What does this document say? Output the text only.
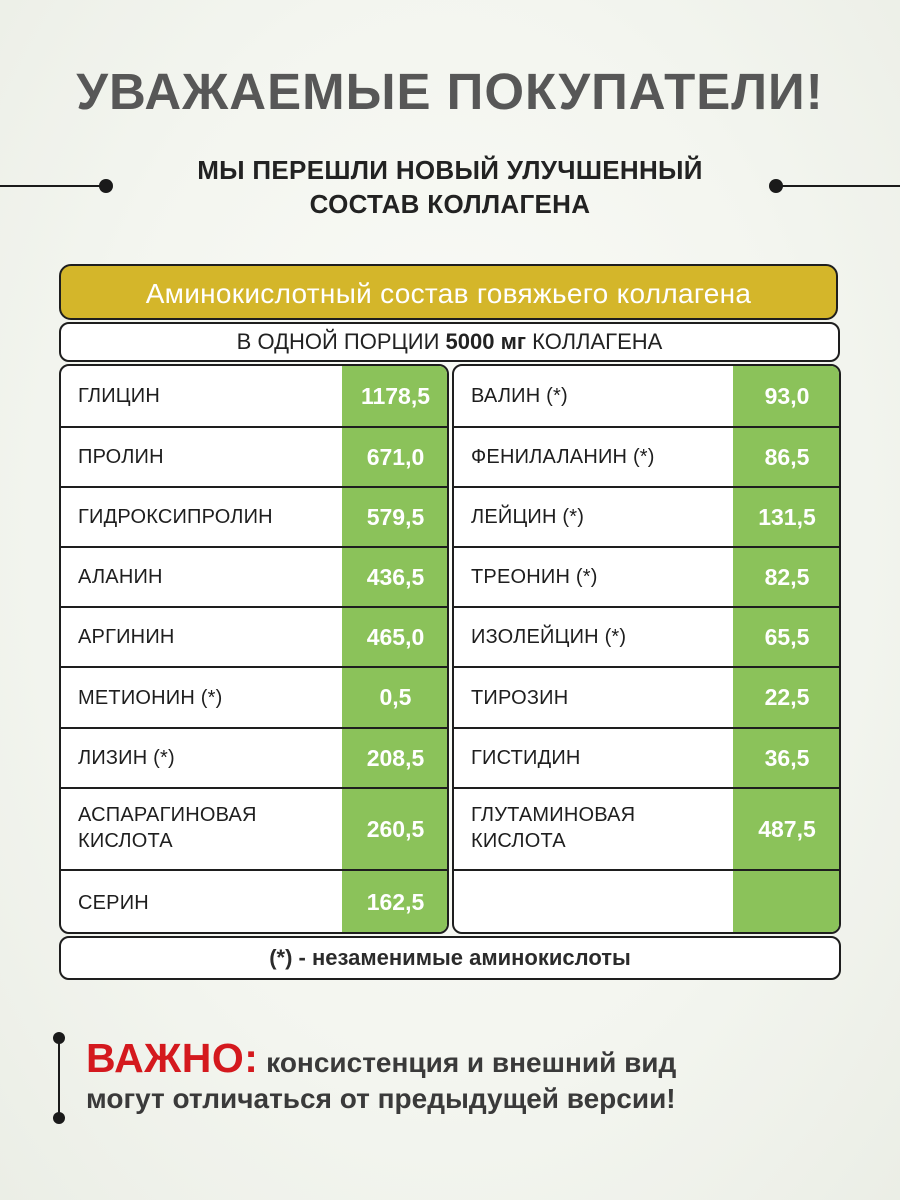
УВАЖАЕМЫЕ ПОКУПАТЕЛИ!
МЫ ПЕРЕШЛИ НОВЫЙ УЛУЧШЕННЫЙ
СОСТАВ КОЛЛАГЕНА
Аминокислотный состав говяжьего коллагена
В ОДНОЙ ПОРЦИИ 5000 мг КОЛЛАГЕНА
ГЛИЦИН	1178,5
ПРОЛИН	671,0
ГИДРОКСИПРОЛИН	579,5
АЛАНИН	436,5
АРГИНИН	465,0
МЕТИОНИН (*)	0,5
ЛИЗИН (*)	208,5
АСПАРАГИНОВАЯ КИСЛОТА	260,5
СЕРИН	162,5
ВАЛИН (*)	93,0
ФЕНИЛАЛАНИН (*)	86,5
ЛЕЙЦИН (*)	131,5
ТРЕОНИН (*)	82,5
ИЗОЛЕЙЦИН (*)	65,5
ТИРОЗИН	22,5
ГИСТИДИН	36,5
ГЛУТАМИНОВАЯ КИСЛОТА	487,5
(*) - незаменимые аминокислоты
ВАЖНО: консистенция и внешний вид
могут отличаться от предыдущей версии!
